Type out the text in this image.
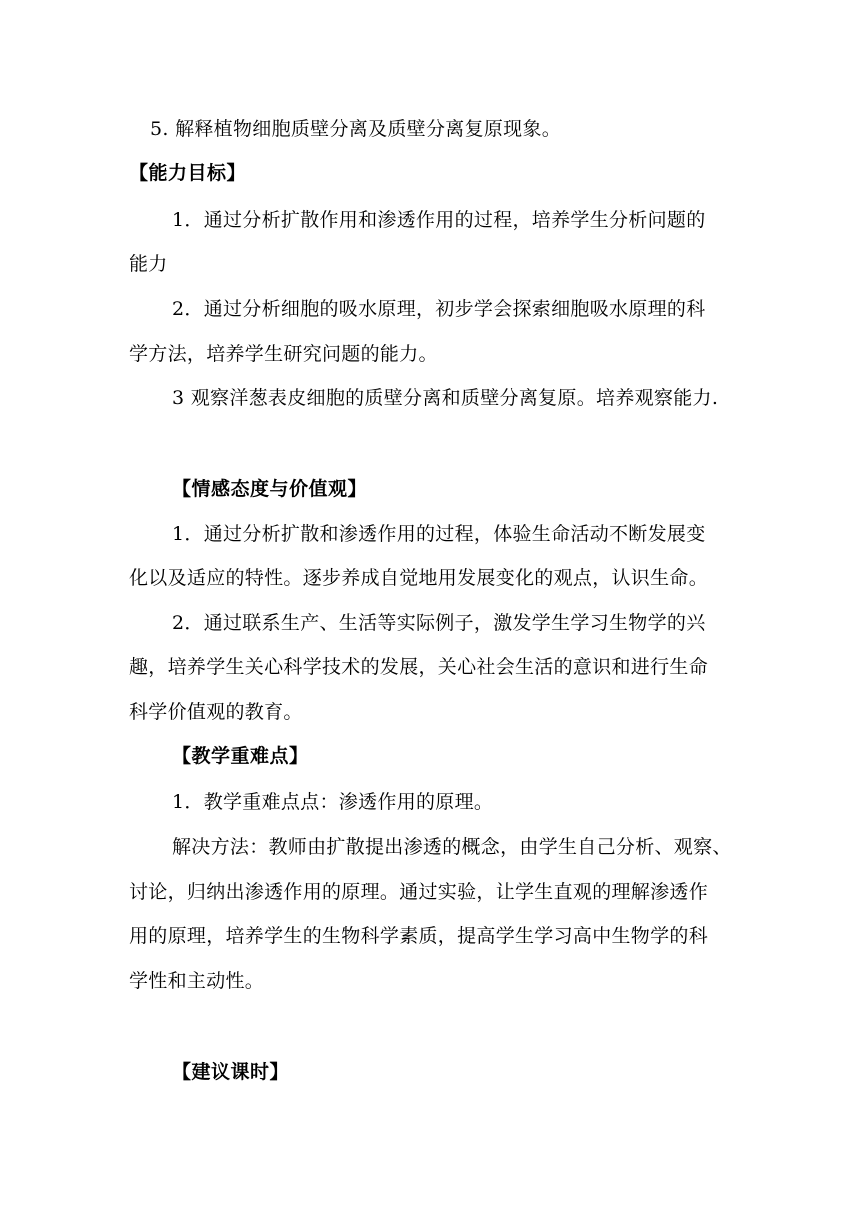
5. 解释植物细胞质壁分离及质壁分离复原现象。
【能力目标】
1．通过分析扩散作用和渗透作用的过程，培养学生分析问题的
能力
2．通过分析细胞的吸水原理，初步学会探索细胞吸水原理的科
学方法，培养学生研究问题的能力。
3 观察洋葱表皮细胞的质壁分离和质壁分离复原。培养观察能力.
【情感态度与价值观】
1．通过分析扩散和渗透作用的过程，体验生命活动不断发展变
化以及适应的特性。逐步养成自觉地用发展变化的观点，认识生命。
2．通过联系生产、生活等实际例子，激发学生学习生物学的兴
趣，培养学生关心科学技术的发展，关心社会生活的意识和进行生命
科学价值观的教育。
【教学重难点】
1．教学重难点点：渗透作用的原理。
解决方法：教师由扩散提出渗透的概念，由学生自己分析、观察、
讨论，归纳出渗透作用的原理。通过实验，让学生直观的理解渗透作
用的原理，培养学生的生物科学素质，提高学生学习高中生物学的科
学性和主动性。
【建议课时】
